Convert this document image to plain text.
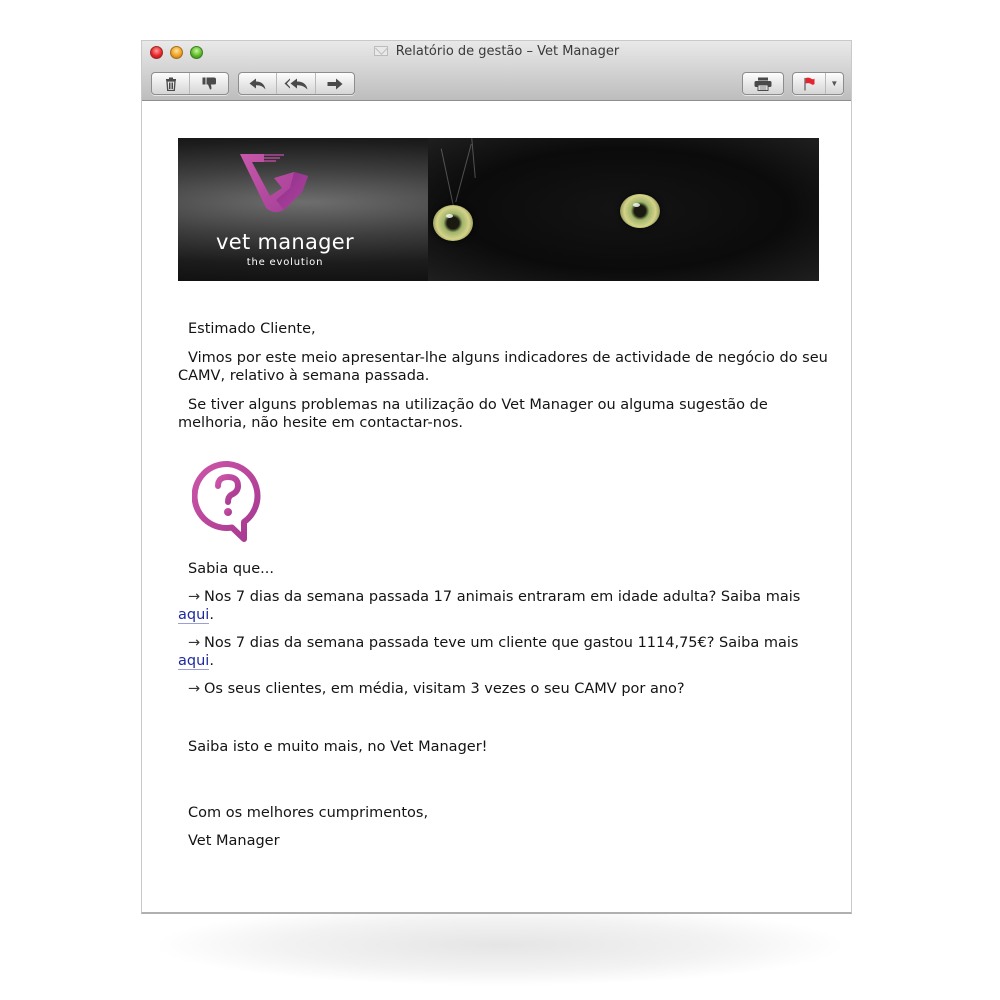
Relatório de gestão – Vet Manager
▼
vet manager
the evolution

Estimado Cliente,

Vimos por este meio apresentar-lhe alguns indicadores de actividade de negócio do seu CAMV, relativo à semana passada.

Se tiver alguns problemas na utilização do Vet Manager ou alguma sugestão de melhoria, não hesite em contactar-nos.

Sabia que...

→ Nos 7 dias da semana passada 17 animais entraram em idade adulta? Saiba mais aqui.

→ Nos 7 dias da semana passada teve um cliente que gastou 1114,75€? Saiba mais aqui.

→ Os seus clientes, em média, visitam 3 vezes o seu CAMV por ano?

Saiba isto e muito mais, no Vet Manager!

Com os melhores cumprimentos,

Vet Manager
